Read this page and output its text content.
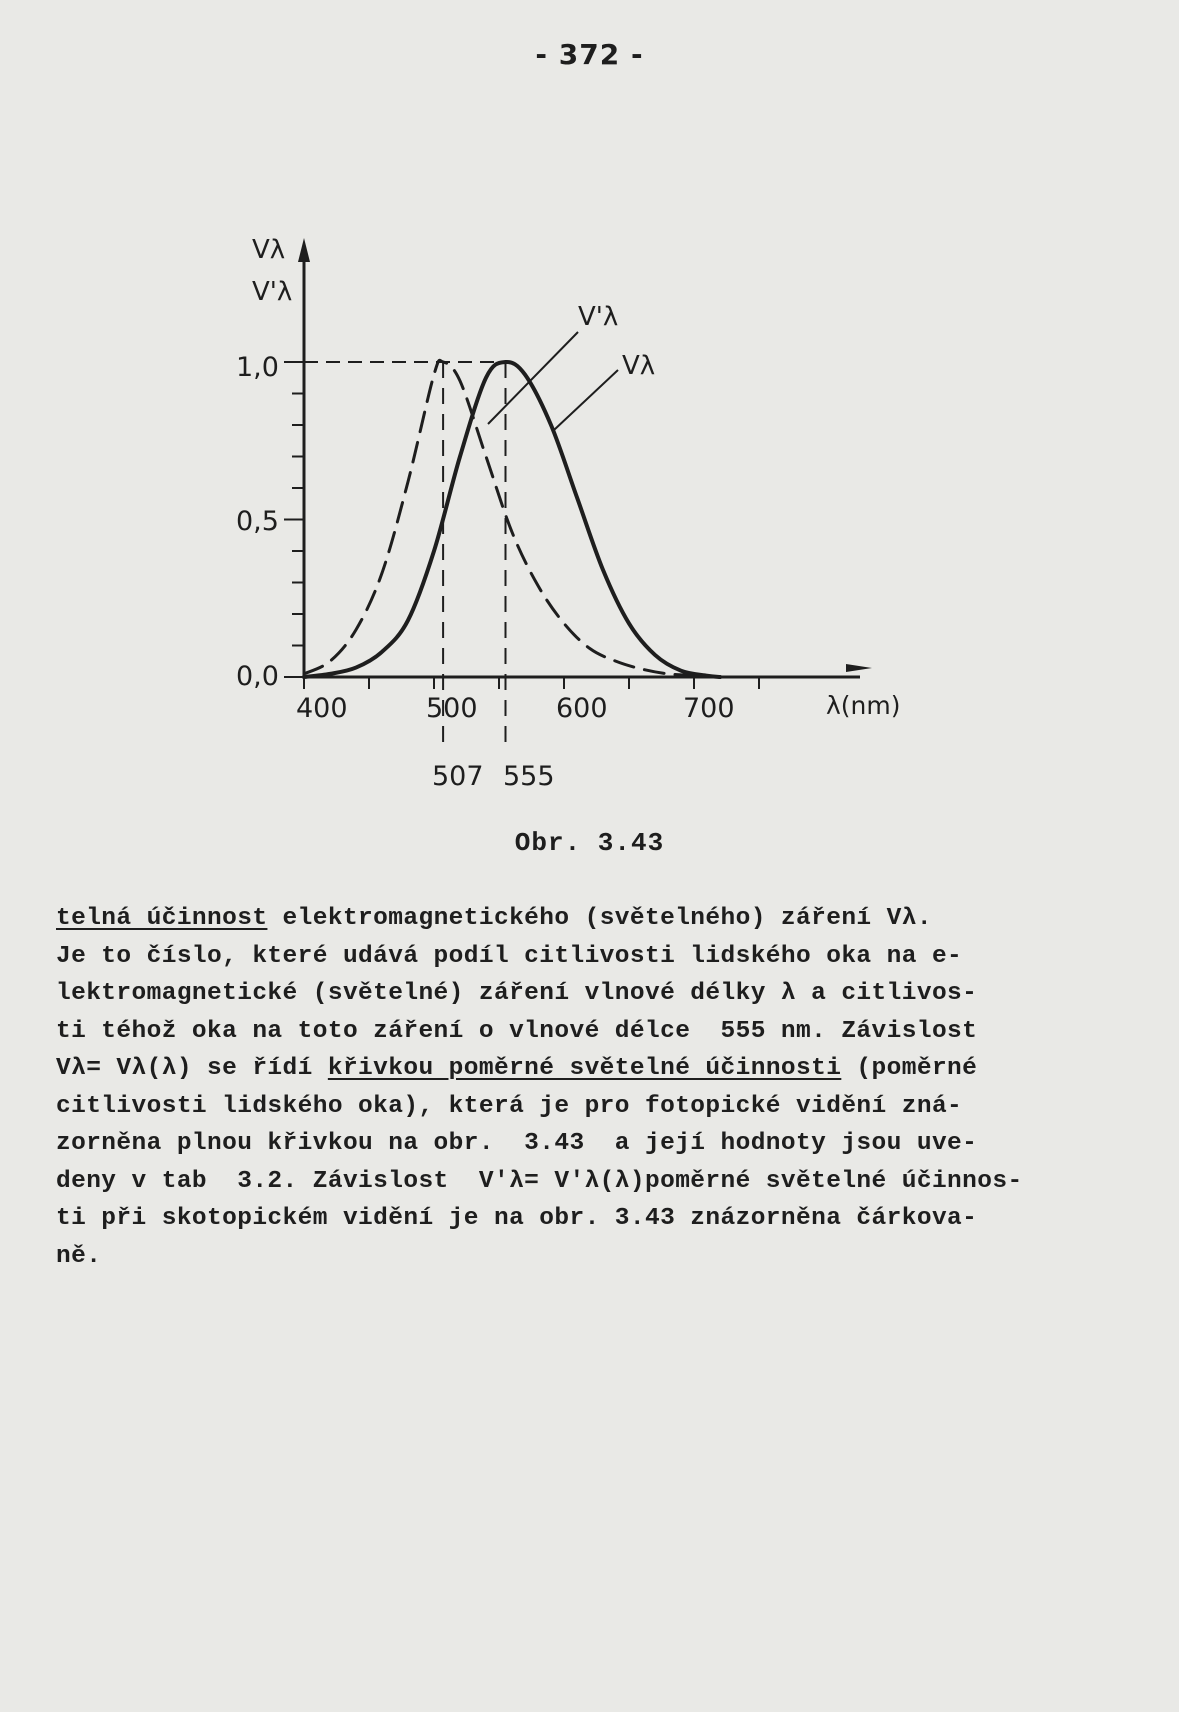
- 372 -
Vλ
V'λ
1,0
0,5
0,0
400	500	600	700	λ(nm)
507 555
V'λ
Vλ
Obr. 3.43
telná účinnost elektromagnetického (světelného) záření Vλ.
Je to číslo, které udává podíl citlivosti lidského oka na e-
lektromagnetické (světelné) záření vlnové délky λ a citlivos-
ti téhož oka na toto záření o vlnové délce  555 nm. Závislost
Vλ= Vλ(λ) se řídí křivkou poměrné světelné účinnosti (poměrné
citlivosti lidského oka), která je pro fotopické vidění zná-
zorněna plnou křivkou na obr.  3.43  a její hodnoty jsou uve-
deny v tab  3.2. Závislost  V'λ= V'λ(λ)poměrné světelné účinnos-
ti při skotopickém vidění je na obr. 3.43 znázorněna čárkova-
ně.
